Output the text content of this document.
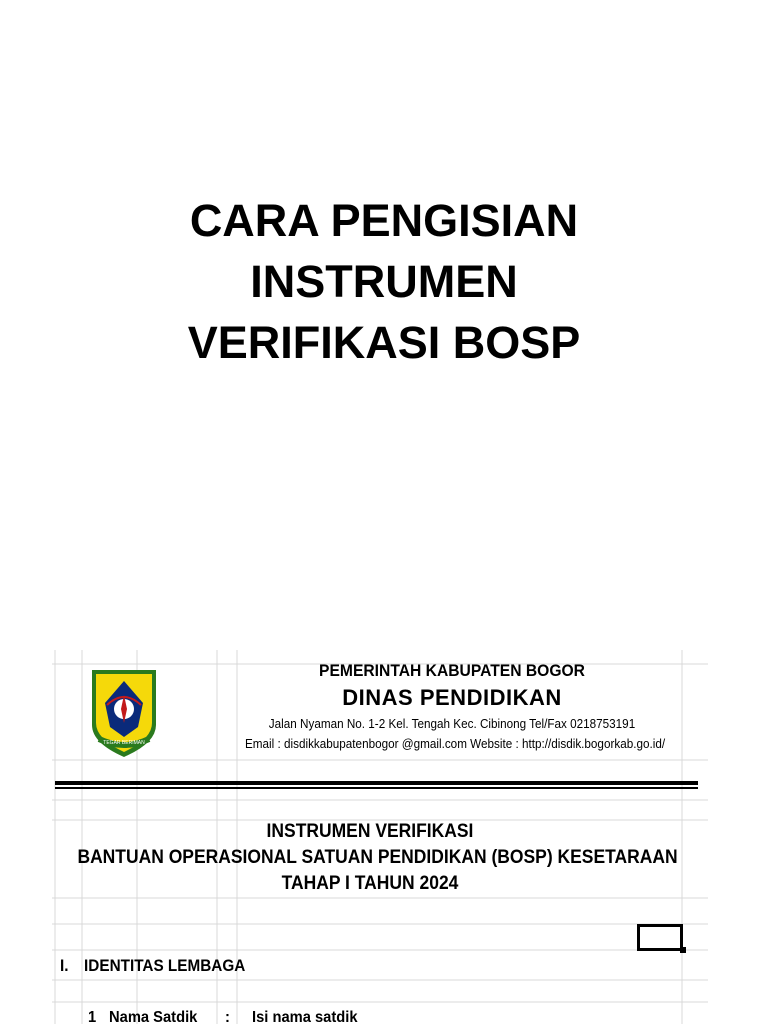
CARA PENGISIAN
INSTRUMEN
VERIFIKASI BOSP
TEGAR BERIMAN
PEMERINTAH KABUPATEN BOGOR
DINAS PENDIDIKAN
Jalan Nyaman No. 1-2 Kel. Tengah Kec. Cibinong Tel/Fax 0218753191
Email : disdikkabupatenbogor @gmail.com Website : http://disdik.bogorkab.go.id/
INSTRUMEN VERIFIKASI
BANTUAN OPERASIONAL SATUAN PENDIDIKAN (BOSP) KESETARAAN
TAHAP I TAHUN 2024
I. IDENTITAS LEMBAGA
1 Nama Satdik : Isi nama satdik
